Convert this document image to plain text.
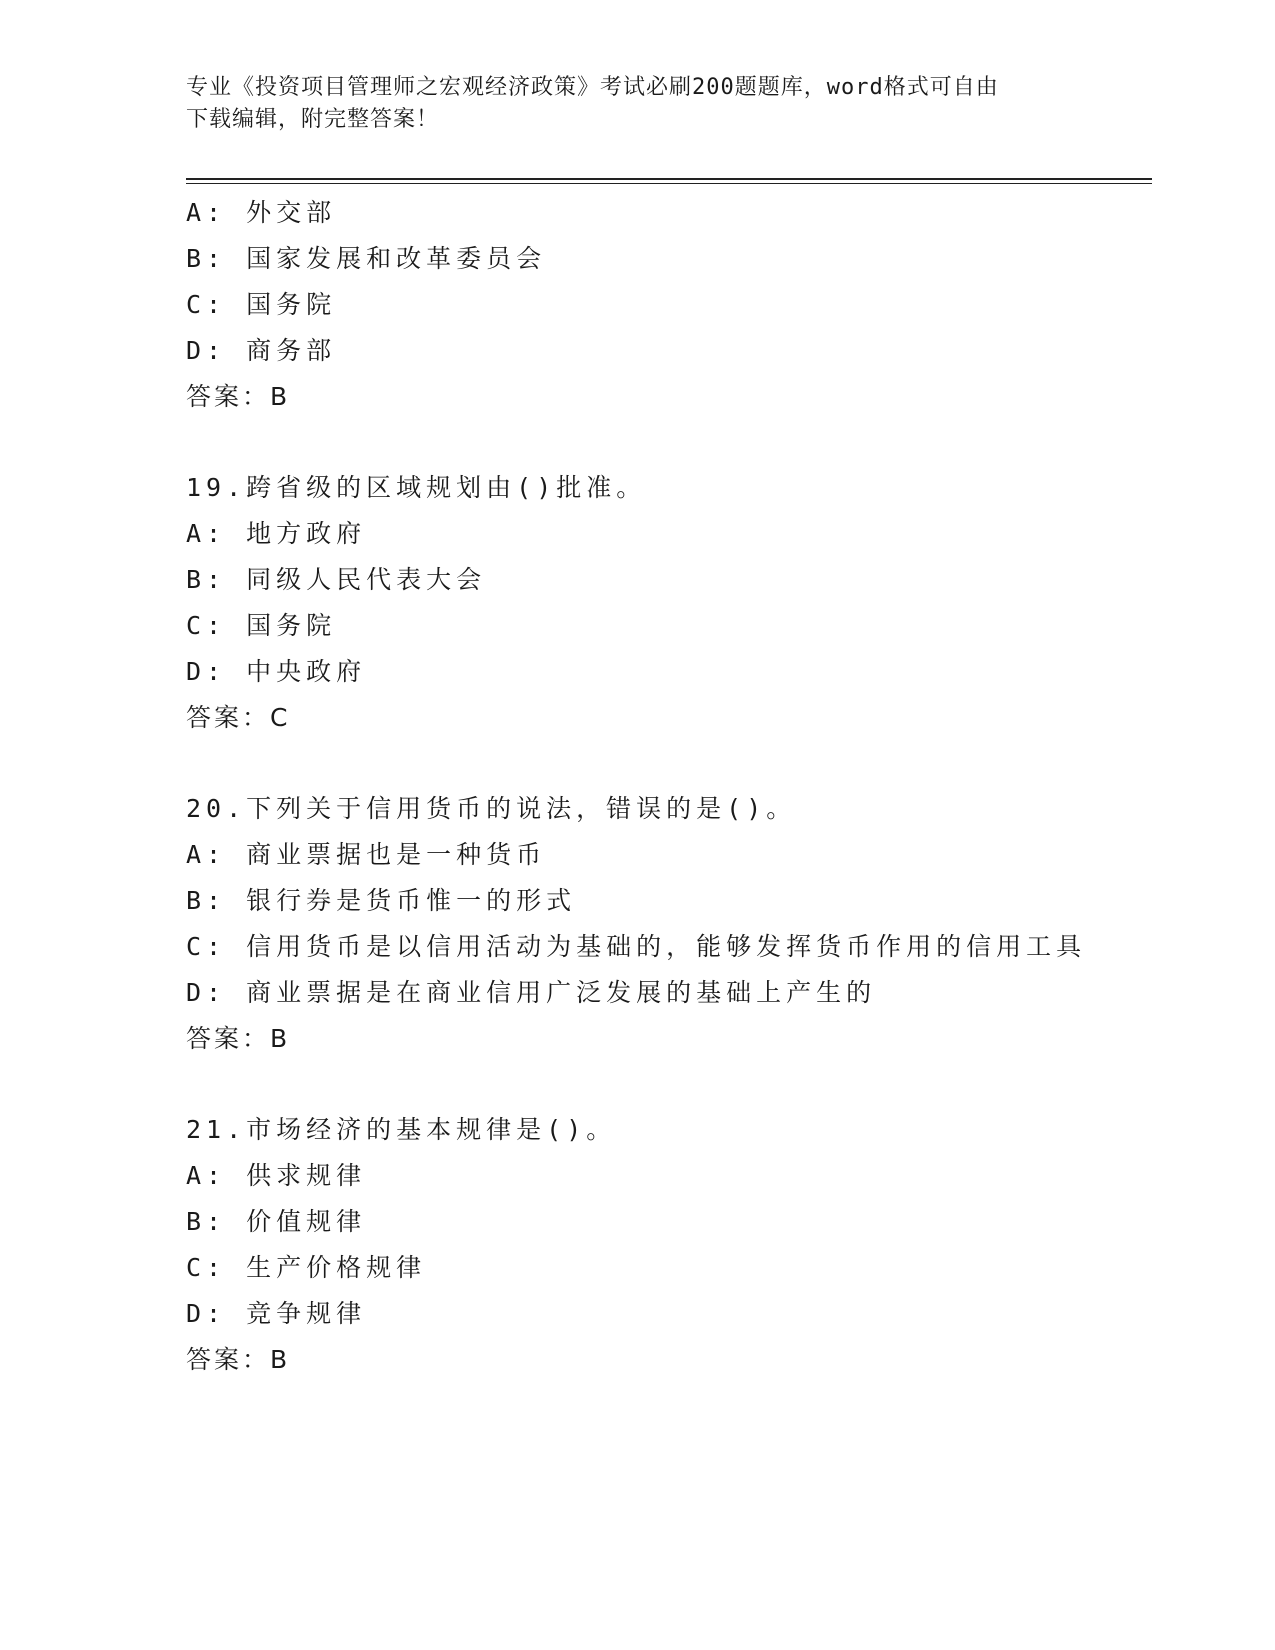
专业《投资项目管理师之宏观经济政策》考试必刷200题题库，word格式可自由
下载编辑，附完整答案！
A: 外交部
B: 国家发展和改革委员会
C: 国务院
D: 商务部
答案：B
19.跨省级的区域规划由()批准。
A: 地方政府
B: 同级人民代表大会
C: 国务院
D: 中央政府
答案：C
20.下列关于信用货币的说法，错误的是()。
A: 商业票据也是一种货币
B: 银行券是货币惟一的形式
C: 信用货币是以信用活动为基础的，能够发挥货币作用的信用工具
D: 商业票据是在商业信用广泛发展的基础上产生的
答案：B
21.市场经济的基本规律是()。
A: 供求规律
B: 价值规律
C: 生产价格规律
D: 竞争规律
答案：B
